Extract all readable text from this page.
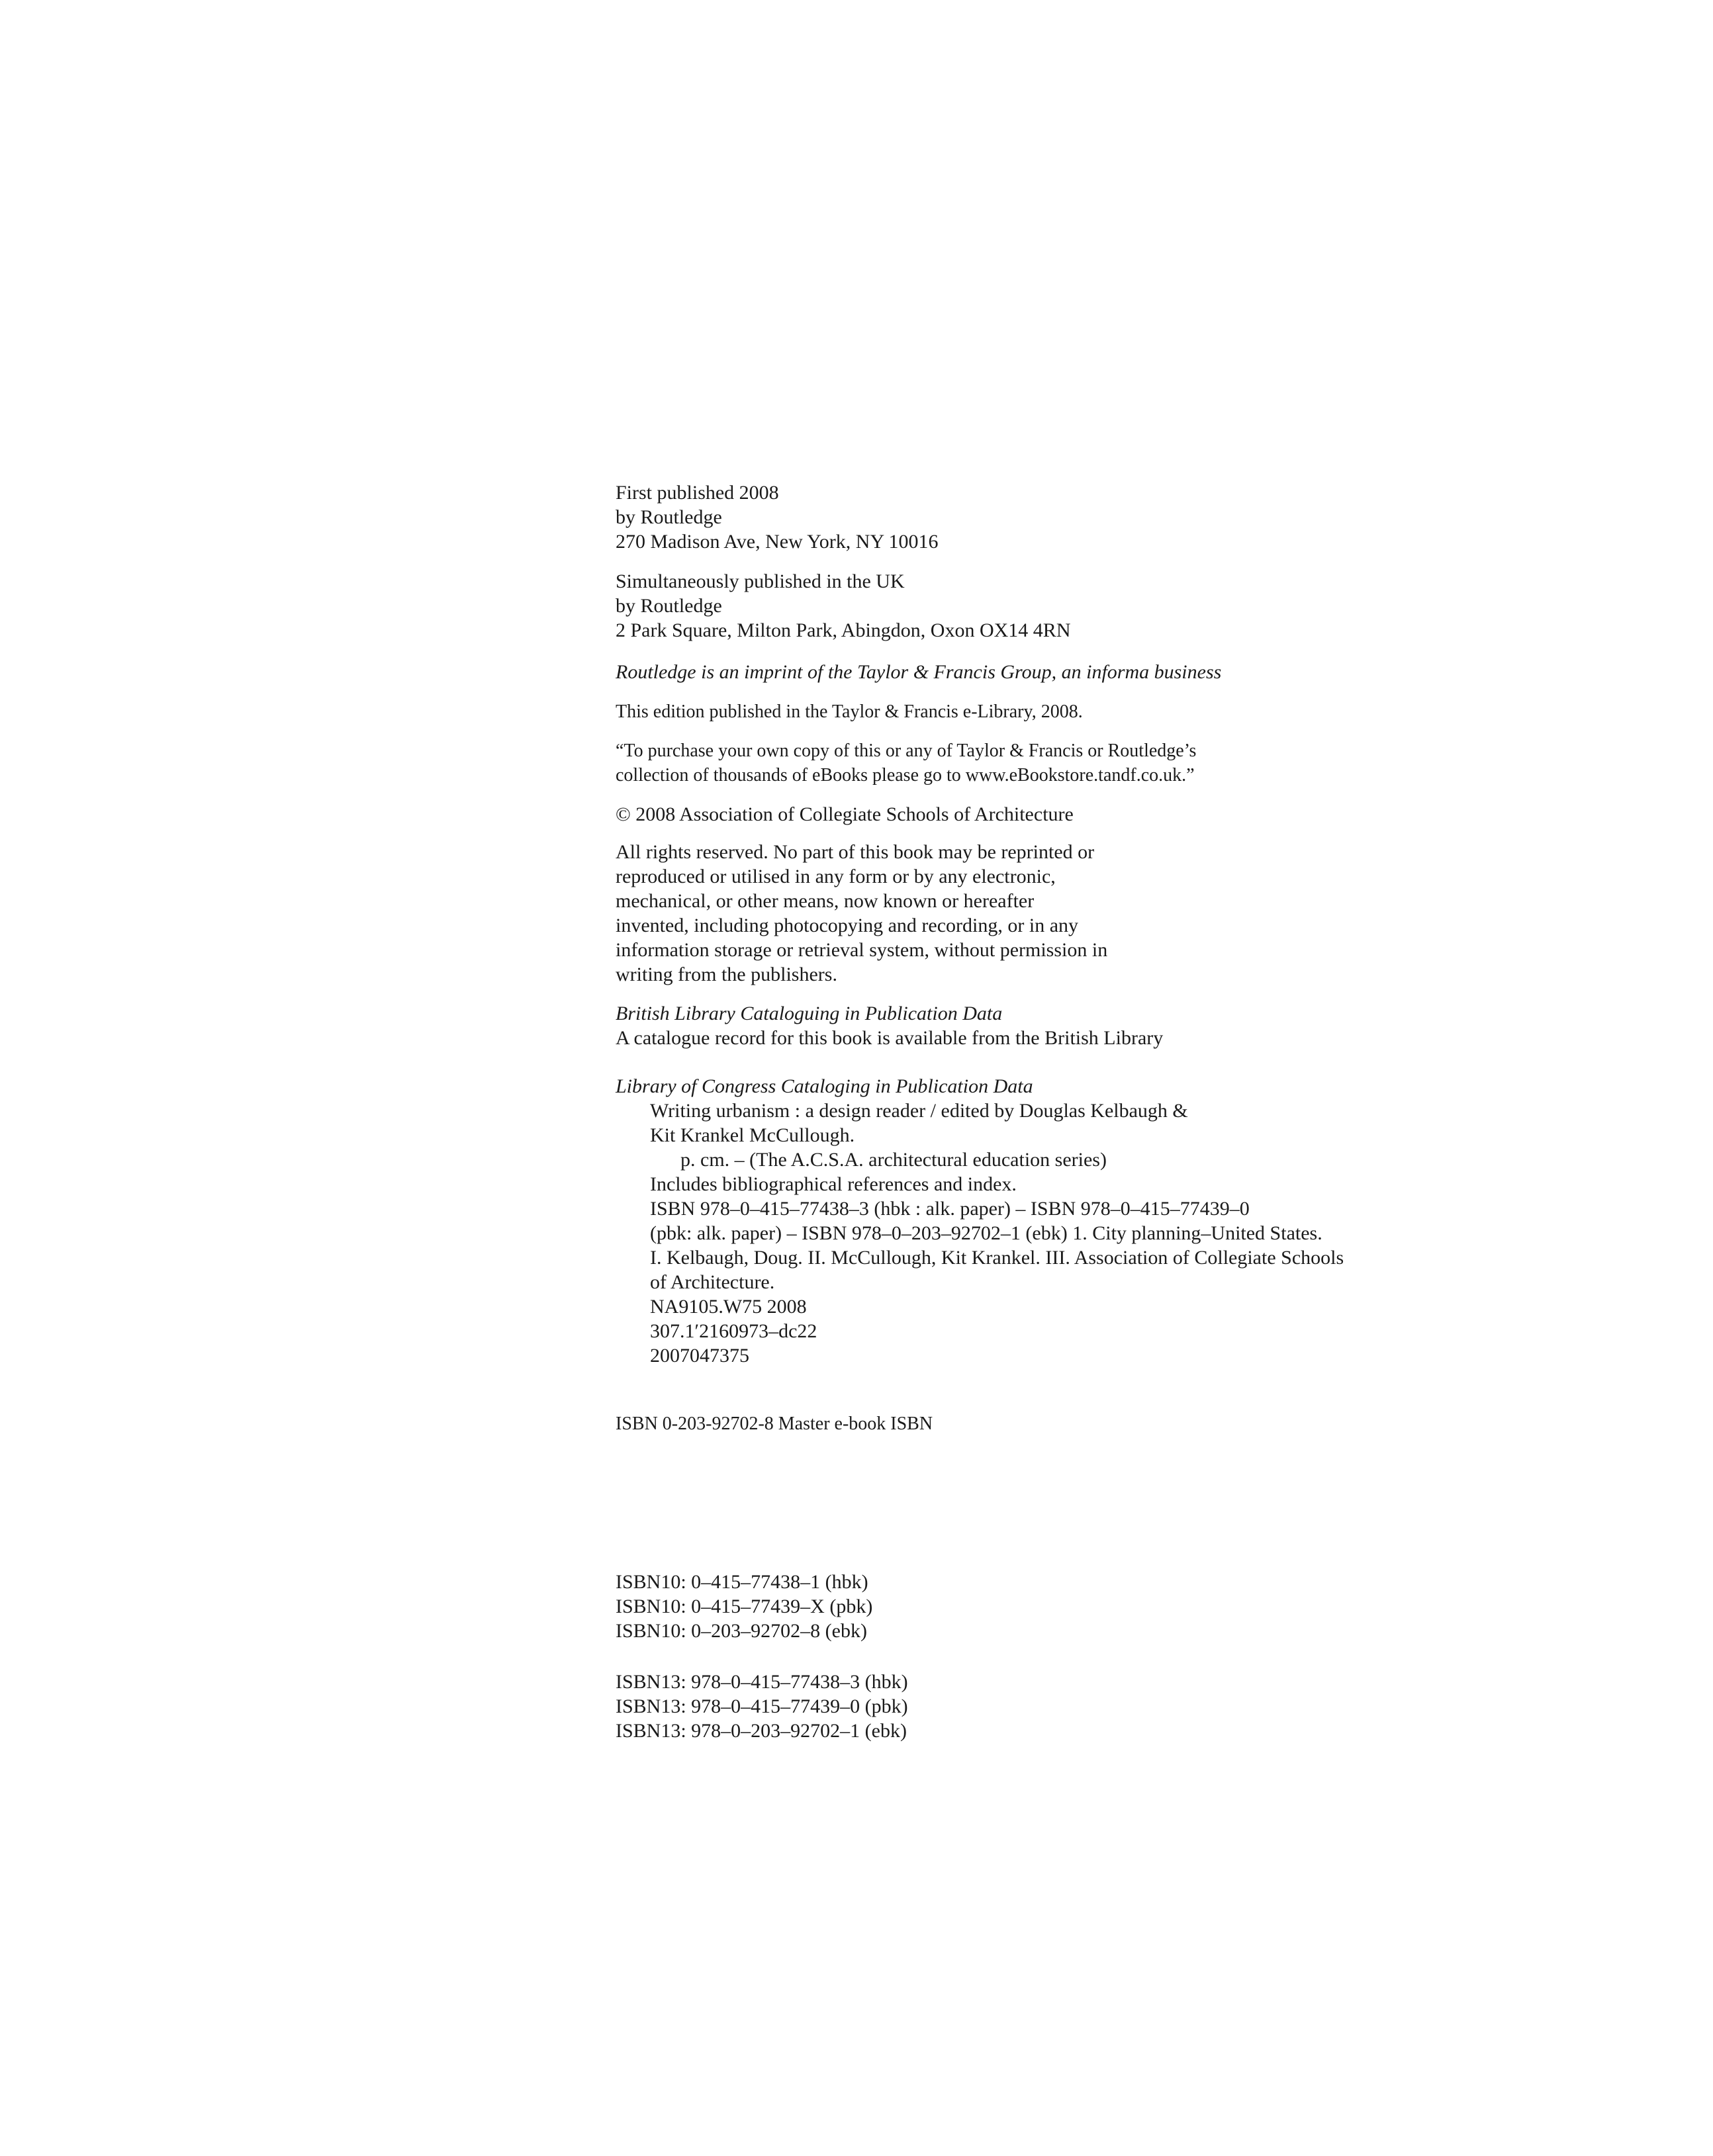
First published 2008
by Routledge
270 Madison Ave, New York, NY 10016
Simultaneously published in the UK
by Routledge
2 Park Square, Milton Park, Abingdon, Oxon OX14 4RN
Routledge is an imprint of the Taylor & Francis Group, an informa business
This edition published in the Taylor & Francis e-Library, 2008.
“To purchase your own copy of this or any of Taylor & Francis or Routledge’s
collection of thousands of eBooks please go to www.eBookstore.tandf.co.uk.”
© 2008 Association of Collegiate Schools of Architecture
All rights reserved. No part of this book may be reprinted or
reproduced or utilised in any form or by any electronic,
mechanical, or other means, now known or hereafter
invented, including photocopying and recording, or in any
information storage or retrieval system, without permission in
writing from the publishers.
British Library Cataloguing in Publication Data
A catalogue record for this book is available from the British Library
Library of Congress Cataloging in Publication Data
Writing urbanism : a design reader / edited by Douglas Kelbaugh &
Kit Krankel McCullough.
p. cm. – (The A.C.S.A. architectural education series)
Includes bibliographical references and index.
ISBN 978–0–415–77438–3 (hbk : alk. paper) – ISBN 978–0–415–77439–0
(pbk: alk. paper) – ISBN 978–0–203–92702–1 (ebk) 1. City planning–United States.
I. Kelbaugh, Doug. II. McCullough, Kit Krankel. III. Association of Collegiate Schools
of Architecture.
NA9105.W75 2008
307.1′2160973–dc22
2007047375
ISBN 0-203-92702-8 Master e-book ISBN
ISBN10: 0–415–77438–1 (hbk)
ISBN10: 0–415–77439–X (pbk)
ISBN10: 0–203–92702–8 (ebk)
ISBN13: 978–0–415–77438–3 (hbk)
ISBN13: 978–0–415–77439–0 (pbk)
ISBN13: 978–0–203–92702–1 (ebk)
